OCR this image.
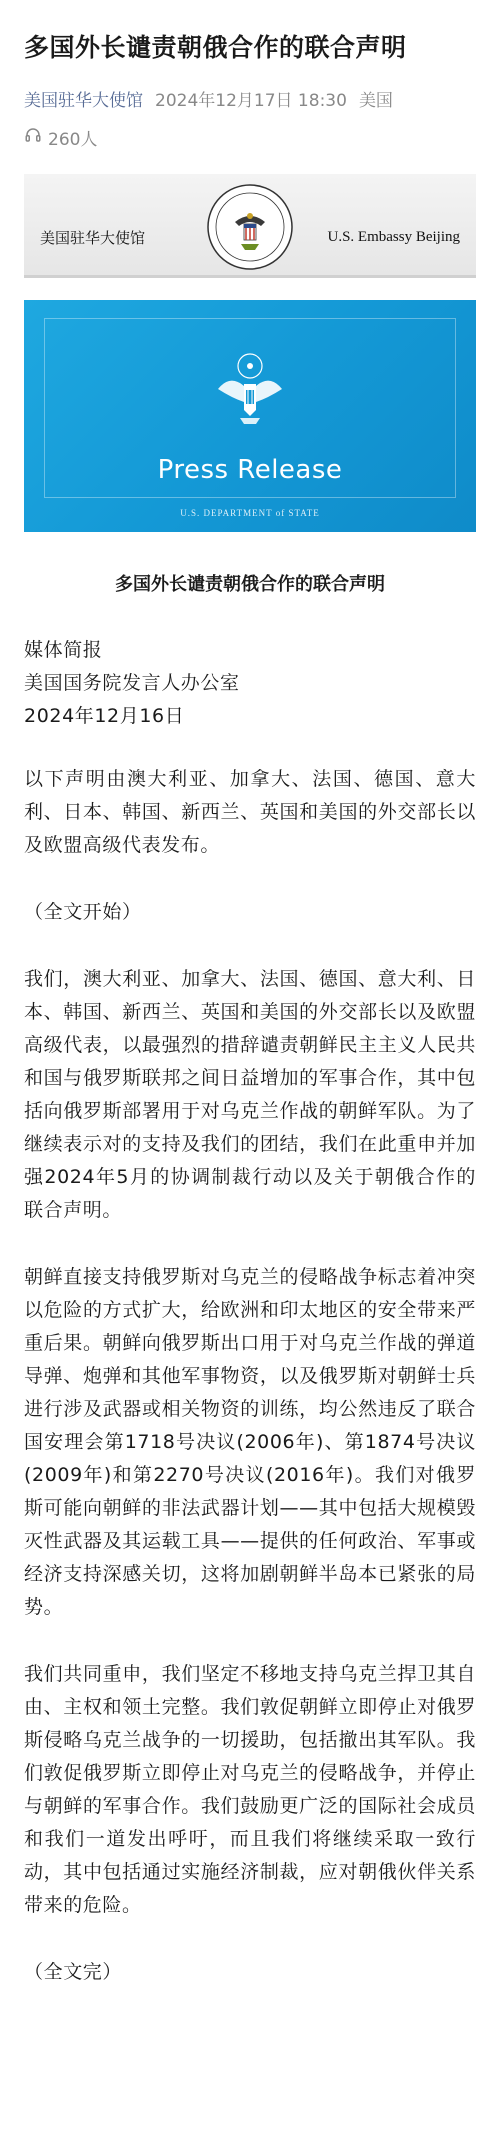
多国外长谴责朝俄合作的联合声明
美国驻华大使馆 2024年12月17日 18:30 美国
260人
美国驻华大使馆	U.S. Embassy Beijing
Press Release
U.S. DEPARTMENT of STATE
多国外长谴责朝俄合作的联合声明

媒体简报

美国国务院发言人办公室

2024年12月16日

以下声明由澳大利亚、加拿大、法国、德国、意大利、日本、韩国、新西兰、英国和美国的外交部长以及欧盟高级代表发布。

（全文开始）

我们，澳大利亚、加拿大、法国、德国、意大利、日本、韩国、新西兰、英国和美国的外交部长以及欧盟高级代表，以最强烈的措辞谴责朝鲜民主主义人民共和国与俄罗斯联邦之间日益增加的军事合作，其中包括向俄罗斯部署用于对乌克兰作战的朝鲜军队。为了继续表示对的支持及我们的团结，我们在此重申并加强2024年5月的协调制裁行动以及关于朝俄合作的联合声明。

朝鲜直接支持俄罗斯对乌克兰的侵略战争标志着冲突以危险的方式扩大，给欧洲和印太地区的安全带来严重后果。朝鲜向俄罗斯出口用于对乌克兰作战的弹道导弹、炮弹和其他军事物资，以及俄罗斯对朝鲜士兵进行涉及武器或相关物资的训练，均公然违反了联合国安理会第1718号决议(2006年)、第1874号决议(2009年)和第2270号决议(2016年)。我们对俄罗斯可能向朝鲜的非法武器计划——其中包括大规模毁灭性武器及其运载工具——提供的任何政治、军事或经济支持深感关切，这将加剧朝鲜半岛本已紧张的局势。

我们共同重申，我们坚定不移地支持乌克兰捍卫其自由、主权和领土完整。我们敦促朝鲜立即停止对俄罗斯侵略乌克兰战争的一切援助，包括撤出其军队。我们敦促俄罗斯立即停止对乌克兰的侵略战争，并停止与朝鲜的军事合作。我们鼓励更广泛的国际社会成员和我们一道发出呼吁，而且我们将继续采取一致行动，其中包括通过实施经济制裁，应对朝俄伙伴关系带来的危险。

（全文完）
